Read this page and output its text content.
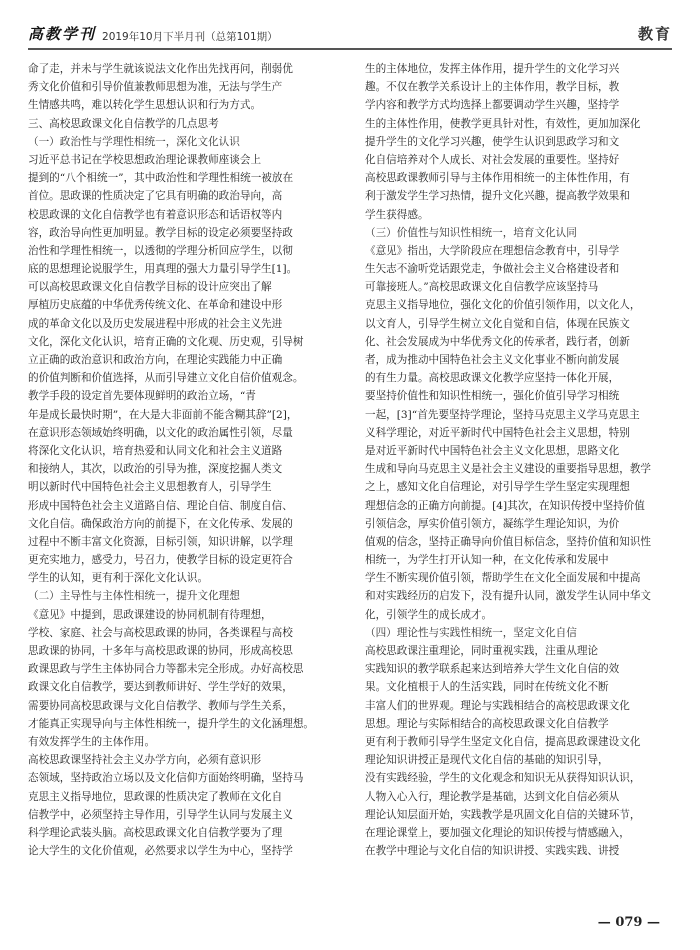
高教学刊 2019年10月下半月刊（总第101期）	教育
命了走，并未与学生就该说法文化作出先找再问，削弱优
秀文化价值和引导价值兼教师思想为准，无法与学生产
生情感共鸣，难以转化学生思想认识和行为方式。
三、高校思政课文化自信教学的几点思考
（一）政治性与学理性相统一，深化文化认识
习近平总书记在学校思想政治理论课教师座谈会上
提到的“八个相统一”，其中政治性和学理性相统一被放在
首位。思政课的性质决定了它具有明确的政治导向，高
校思政课的文化自信教学也有着意识形态和话语权等内
容，政治导向性更加明显。教学目标的设定必须要坚持政
治性和学理性相统一，以透彻的学理分析回应学生，以彻
底的思想理论说服学生，用真理的强大力量引导学生[1]。
可以高校思政课文化自信教学目标的设计应突出了解
厚植历史底蕴的中华优秀传统文化、在革命和建设中形
成的革命文化以及历史发展进程中形成的社会主义先进
文化，深化文化认识，培育正确的文化观、历史观，引导树
立正确的政治意识和政治方向，在理论实践能力中正确
的价值判断和价值选择，从而引导建立文化自信价值观念。
教学手段的设定首先要体现鲜明的政治立场，“青
年是成长最快时期”，在大是大非面前不能含糊其辞”[2]，
在意识形态领域始终明确，以文化的政治属性引领，尽量
将深化文化认识，培育热爱和认同文化和社会主义道路
和接纳人，其次，以政治的引导为推，深度挖掘人类文
明以新时代中国特色社会主义思想教育人，引导学生
形成中国特色社会主义道路自信、理论自信、制度自信、
文化自信。确保政治方向的前提下，在文化传承、发展的
过程中不断丰富文化资源，目标引领，知识讲解，以学理
更充实地力，感受力，号召力，使教学目标的设定更符合
学生的认知，更有利于深化文化认识。
（二）主导性与主体性相统一，提升文化理想
《意见》中提到，思政课建设的协同机制有待理想，
学校、家庭、社会与高校思政课的协同，各类课程与高校
思政课的协同，十多年与高校思政课的协同，形成高校思
政课思政与学生主体协同合力等都未完全形成。办好高校思
政课文化自信教学，要达到教师讲好、学生学好的效果，
需要协同高校思政课与文化自信教学、教师与学生关系，
才能真正实现导向与主体性相统一，提升学生的文化涵理想。
有效发挥学生的主体作用。
高校思政课坚持社会主义办学方向，必须有意识形
态领域，坚持政治立场以及文化信仰方面始终明确，坚持马
克思主义指导地位，思政课的性质决定了教师在文化自
信教学中，必须坚持主导作用，引导学生认同与发展主义
科学理论武装头脑。高校思政课文化自信教学要为了理
论大学生的文化价值观，必然要求以学生为中心，坚持学
生的主体地位，发挥主体作用，提升学生的文化学习兴
趣。不仅在教学关系设计上的主体作用，教学目标，教
学内容和教学方式均选择上都要调动学生兴趣，坚持学
生的主体性作用，使教学更具针对性，有效性，更加加深化
提升学生的文化学习兴趣，使学生认识到思政学习和文
化自信培养对个人成长、对社会发展的重要性。坚持好
高校思政课教师引导与主体作用相统一的主体性作用，有
利于激发学生学习热情，提升文化兴趣，提高教学效果和
学生获得感。
（三）价值性与知识性相统一，培育文化认同
《意见》指出，大学阶段应在理想信念教育中，引导学
生矢志不渝听党话跟党走，争做社会主义合格建设者和
可靠接班人。”高校思政课文化自信教学应该坚持马
克思主义指导地位，强化文化的价值引领作用，以文化人，
以文育人，引导学生树立文化自觉和自信，体现在民族文
化、社会发展成为中华优秀文化的传承者，践行者，创新
者，成为推动中国特色社会主义文化事业不断向前发展
的有生力量。高校思政课文化教学应坚持一体化开展，
要坚持价值性和知识性相统一，强化价值引导学习相统
一起，[3]“首先要坚持学理论，坚持马克思主义学马克思主
义科学理论，对近平新时代中国特色社会主义思想，特别
是对近平新时代中国特色社会主义文化思想，思路文化
生成和导向马克思主义是社会主义建设的重要指导思想，教学
之上，感知文化自信理论，对引导学生学生坚定实现理想
理想信念的正确方向前提。[4]其次，在知识传授中坚持价值
引领信念，厚实价值引领方，凝练学生理论知识，为价
值观的信念，坚持正确导向价值目标信念，坚持价值和知识性
相统一，为学生打开认知一种，在文化传承和发展中
学生不断实现价值引领，帮助学生在文化全面发展和中提高
和对实践经历的启发下，没有提升认同，激发学生认同中华文
化，引领学生的成长成才。
（四）理论性与实践性相统一，坚定文化自信
高校思政课注重理论，同时重视实践，注重从理论
实践知识的教学联系起来达到培养大学生文化自信的效
果。文化植根于人的生活实践，同时在传统文化不断
丰富人们的世界观。理论与实践相结合的高校思政课文化
思想。理论与实际相结合的高校思政课文化自信教学
更有利于教师引导学生坚定文化自信，提高思政课建设文化
理论知识讲授正是现代文化自信的基础的知识引导，
没有实践经验，学生的文化观念和知识无从获得知识认识，
人物入心入行，理论教学是基础，达到文化自信必须从
理论认知层面开始，实践教学是巩固文化自信的关键环节，
在理论课堂上，要加强文化理论的知识传授与情感融入，
在教学中理论与文化自信的知识讲授、实践实践、讲授
— 079 —
